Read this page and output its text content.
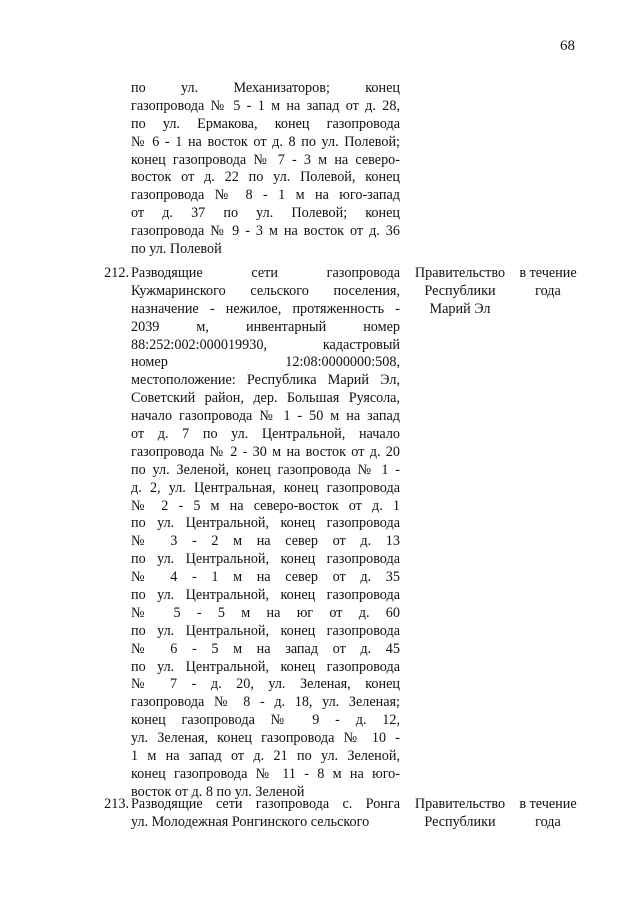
68
по ул. Механизаторов; конец
газопровода № 5 - 1 м на запад от д. 28,
по ул. Ермакова, конец газопровода
№ 6 - 1 на восток от д. 8 по ул. Полевой;
конец газопровода № 7 - 3 м на северо-
восток от д. 22 по ул. Полевой, конец
газопровода № 8 - 1 м на юго-запад
от д. 37 по ул. Полевой; конец
газопровода № 9 - 3 м на восток от д. 36
по ул. Полевой
212. Разводящие сети газопровода
Кужмаринского сельского поселения,
назначение - нежилое, протяженность -
2039 м, инвентарный номер
88:252:002:000019930, кадастровый
номер 12:08:0000000:508,
местоположение: Республика Марий Эл,
Советский район, дер. Большая Руясола,
начало газопровода № 1 - 50 м на запад
от д. 7 по ул. Центральной, начало
газопровода № 2 - 30 м на восток от д. 20
по ул. Зеленой, конец газопровода № 1 -
д. 2, ул. Центральная, конец газопровода
№ 2 - 5 м на северо-восток от д. 1
по ул. Центральной, конец газопровода
№ 3 - 2 м на север от д. 13
по ул. Центральной, конец газопровода
№ 4 - 1 м на север от д. 35
по ул. Центральной, конец газопровода
№ 5 - 5 м на юг от д. 60
по ул. Центральной, конец газопровода
№ 6 - 5 м на запад от д. 45
по ул. Центральной, конец газопровода
№ 7 - д. 20, ул. Зеленая, конец
газопровода № 8 - д. 18, ул. Зеленая;
конец газопровода № 9 - д. 12,
ул. Зеленая, конец газопровода № 10 -
1 м на запад от д. 21 по ул. Зеленой,
конец газопровода № 11 - 8 м на юго-
восток от д. 8 по ул. Зеленой
Правительство
Республики
Марий Эл
в течение
года
213. Разводящие сети газопровода с. Ронга
ул. Молодежная Ронгинского сельского
Правительство
Республики
в течение
года
